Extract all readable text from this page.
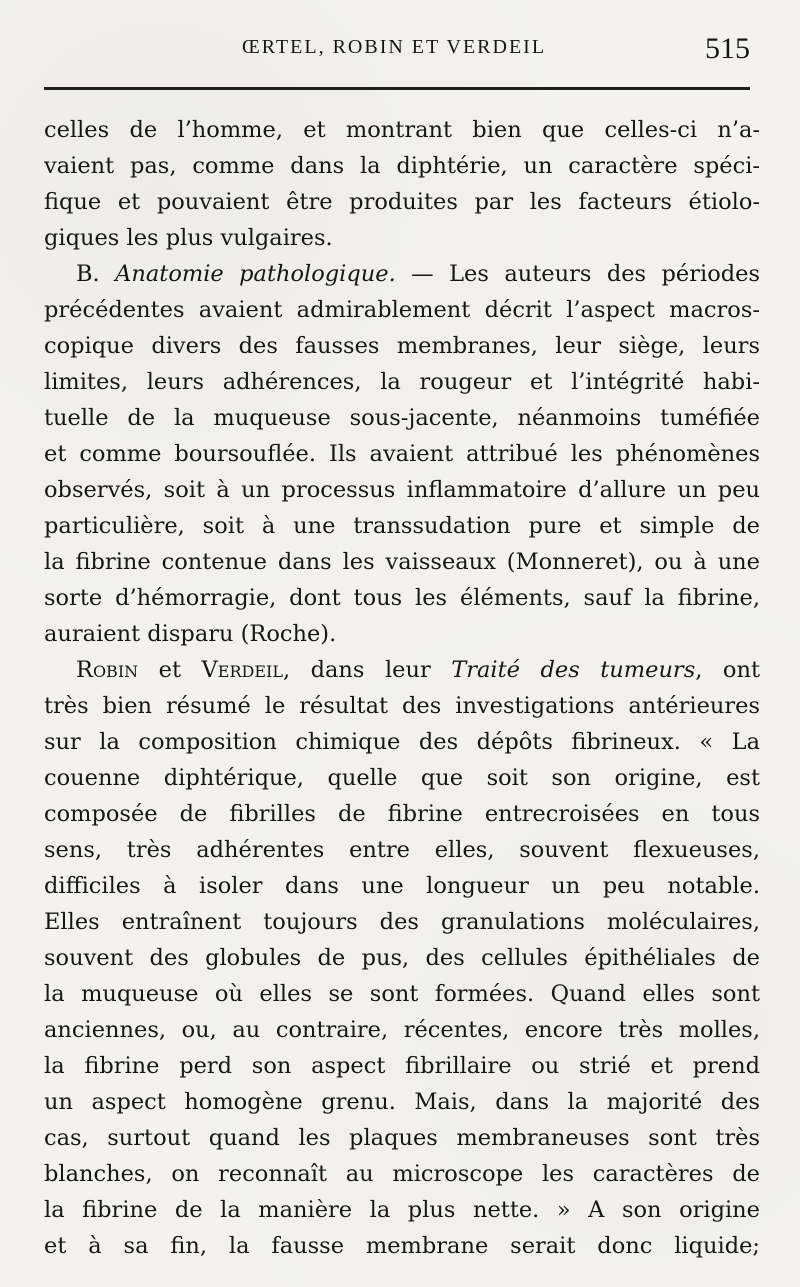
ŒRTEL, ROBIN ET VERDEIL	515
celles de l’homme, et montrant bien que celles-ci n’a-
vaient pas, comme dans la diphtérie, un caractère spéci-
fique et pouvaient être produites par les facteurs étiolo-
giques les plus vulgaires.
B. Anatomie pathologique. — Les auteurs des périodes
précédentes avaient admirablement décrit l’aspect macros-
copique divers des fausses membranes, leur siège, leurs
limites, leurs adhérences, la rougeur et l’intégrité habi-
tuelle de la muqueuse sous-jacente, néanmoins tuméfiée
et comme boursouflée. Ils avaient attribué les phénomènes
observés, soit à un processus inflammatoire d’allure un peu
particulière, soit à une transsudation pure et simple de
la fibrine contenue dans les vaisseaux (Monneret), ou à une
sorte d’hémorragie, dont tous les éléments, sauf la fibrine,
auraient disparu (Roche).
Robin et Verdeil, dans leur Traité des tumeurs, ont
très bien résumé le résultat des investigations antérieures
sur la composition chimique des dépôts fibrineux. « La
couenne diphtérique, quelle que soit son origine, est
composée de fibrilles de fibrine entrecroisées en tous
sens, très adhérentes entre elles, souvent flexueuses,
difficiles à isoler dans une longueur un peu notable.
Elles entraînent toujours des granulations moléculaires,
souvent des globules de pus, des cellules épithéliales de
la muqueuse où elles se sont formées. Quand elles sont
anciennes, ou, au contraire, récentes, encore très molles,
la fibrine perd son aspect fibrillaire ou strié et prend
un aspect homogène grenu. Mais, dans la majorité des
cas, surtout quand les plaques membraneuses sont très
blanches, on reconnaît au microscope les caractères de
la fibrine de la manière la plus nette. » A son origine
et à sa fin, la fausse membrane serait donc liquide;
